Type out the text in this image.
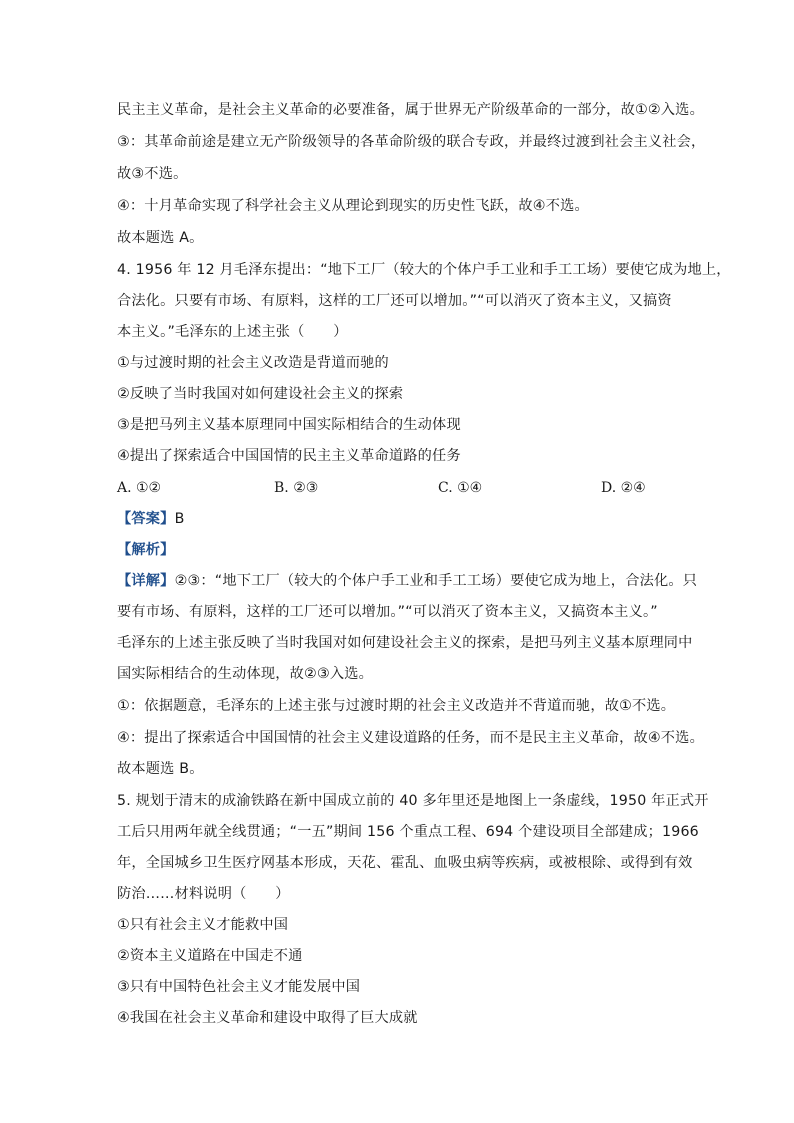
民主主义革命，是社会主义革命的必要准备，属于世界无产阶级革命的一部分，故①②入选。
③：其革命前途是建立无产阶级领导的各革命阶级的联合专政，并最终过渡到社会主义社会，
故③不选。
④：十月革命实现了科学社会主义从理论到现实的历史性飞跃，故④不选。
故本题选 A。
4. 1956 年 12 月毛泽东提出：“地下工厂（较大的个体户手工业和手工工场）要使它成为地上，
合法化。只要有市场、有原料，这样的工厂还可以增加。”“可以消灭了资本主义，又搞资
本主义。”毛泽东的上述主张（　　）
①与过渡时期的社会主义改造是背道而驰的
②反映了当时我国对如何建设社会主义的探索
③是把马列主义基本原理同中国实际相结合的生动体现
④提出了探索适合中国国情的民主主义革命道路的任务
A. ①②	B. ②③	C. ①④	D. ②④
【答案】B
【解析】
【详解】②③：“地下工厂（较大的个体户手工业和手工工场）要使它成为地上，合法化。只
要有市场、有原料，这样的工厂还可以增加。”“可以消灭了资本主义，又搞资本主义。”
毛泽东的上述主张反映了当时我国对如何建设社会主义的探索，是把马列主义基本原理同中
国实际相结合的生动体现，故②③入选。
①：依据题意，毛泽东的上述主张与过渡时期的社会主义改造并不背道而驰，故①不选。
④：提出了探索适合中国国情的社会主义建设道路的任务，而不是民主主义革命，故④不选。
故本题选 B。
5. 规划于清末的成渝铁路在新中国成立前的 40 多年里还是地图上一条虚线，1950 年正式开
工后只用两年就全线贯通；“一五”期间 156 个重点工程、694 个建设项目全部建成；1966
年，全国城乡卫生医疗网基本形成，天花、霍乱、血吸虫病等疾病，或被根除、或得到有效
防治……材料说明（　　）
①只有社会主义才能救中国
②资本主义道路在中国走不通
③只有中国特色社会主义才能发展中国
④我国在社会主义革命和建设中取得了巨大成就
